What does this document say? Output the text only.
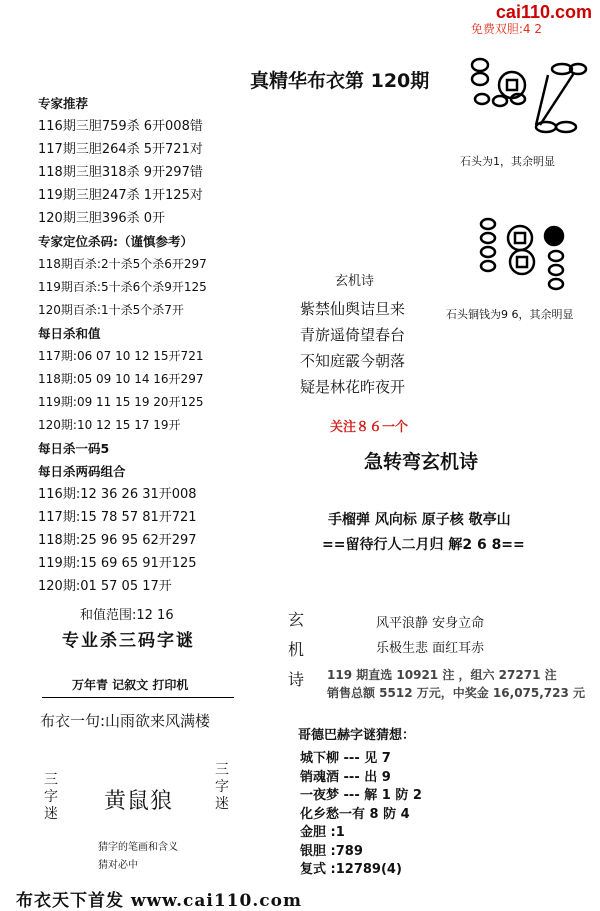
cai110.com
免费双胆:4 2
真精华布衣第 120期
专家推荐
116期三胆759杀 6开008错
117期三胆264杀 5开721对
118期三胆318杀 9开297错
119期三胆247杀 1开125对
120期三胆396杀 0开
专家定位杀码:（谨慎参考）
118期百杀:2十杀5个杀6开297
119期百杀:5十杀6个杀9开125
120期百杀:1十杀5个杀7开
每日杀和值
117期:06 07 10 12 15开721
118期:05 09 10 14 16开297
119期:09 11 15 19 20开125
120期:10 12 15 17 19开
每日杀一码5
每日杀两码组合
116期:12 36 26 31开008
117期:15 78 57 81开721
118期:25 96 95 62开297
119期:15 69 65 91开125
120期:01 57 05 17开
和值范围:12 16
专业杀三码字谜
万年青 记叙文 打印机
布衣一句:山雨欲来风满楼
三字迷
三字迷
黄鼠狼
猜字的笔画和含义
猜对必中
布衣天下首发 www.cai110.com
石头为1，其余明显
石头铜钱为9 6，其余明显
玄机诗
紫禁仙舆诘旦来
青旂遥倚望春台
不知庭霰今朝落
疑是林花昨夜开
关注８６一个
急转弯玄机诗
手榴弹 风向标 原子核 敬亭山
==留待行人二月归 解2 6 8==
玄机诗
风平浪静 安身立命
乐极生悲 面红耳赤
119 期直选 10921 注 ，组六 27271 注
销售总额 5512 万元，中奖金 16,075,723 元
哥德巴赫字谜猜想：
城下柳 --- 见 7
销魂酒 --- 出 9
一夜梦 --- 解 1 防 2
化乡愁一有 8 防 4
金胆 :1
银胆 :789
复式 :12789(4)
